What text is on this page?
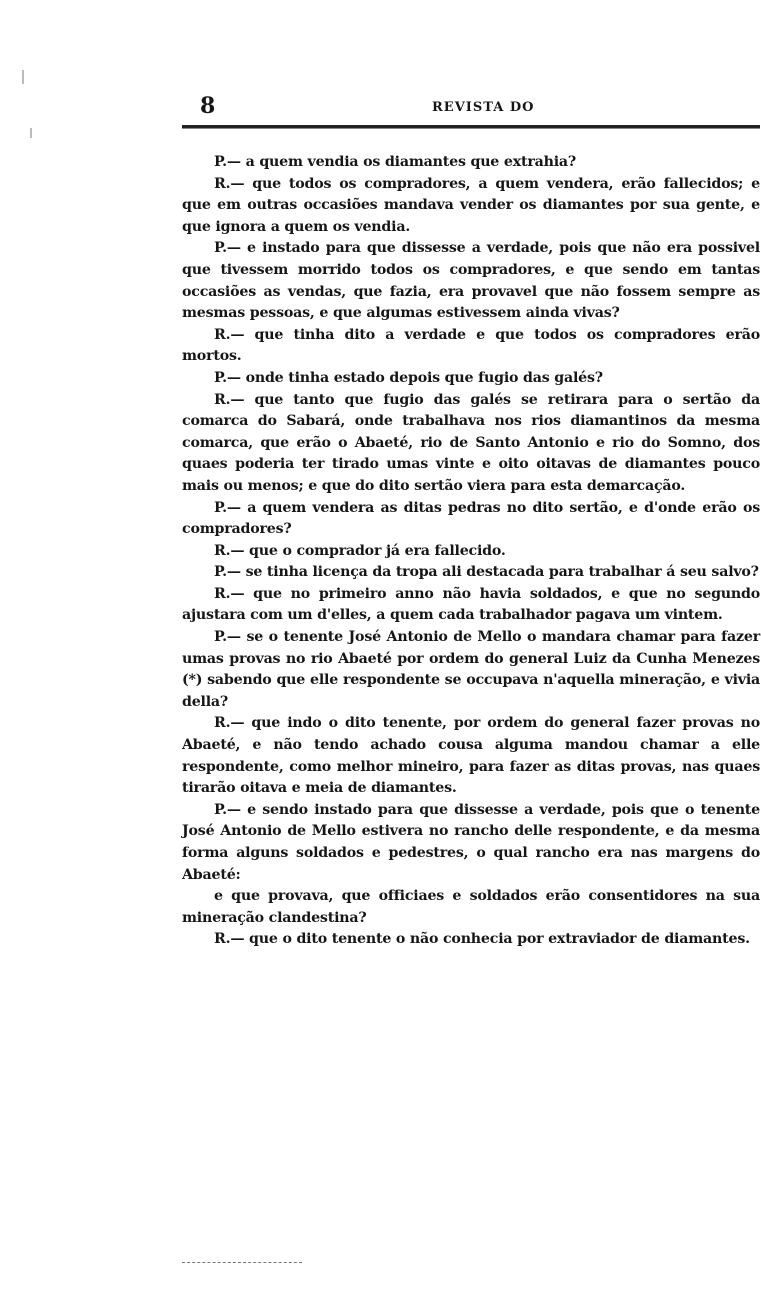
8	REVISTA DO

P.— a quem vendia os diamantes que extrahia?

R.— que todos os compradores, a quem vendera, erão fallecidos; e que em outras occasiões mandava vender os diamantes por sua gente, e que ignora a quem os vendia.

P.— e instado para que dissesse a verdade, pois que não era possivel que tivessem morrido todos os compradores, e que sendo em tantas occasiões as vendas, que fazia, era provavel que não fossem sempre as mesmas pessoas, e que algumas estivessem ainda vivas?

R.— que tinha dito a verdade e que todos os compradores erão mortos.

P.— onde tinha estado depois que fugio das galés?

R.— que tanto que fugio das galés se retirara para o sertão da comarca do Sabará, onde trabalhava nos rios diamantinos da mesma comarca, que erão o Abaeté, rio de Santo Antonio e rio do Somno, dos quaes poderia ter tirado umas vinte e oito oitavas de diamantes pouco mais ou menos; e que do dito sertão viera para esta demarcação.

P.— a quem vendera as ditas pedras no dito sertão, e d'onde erão os compradores?

R.— que o comprador já era fallecido.

P.— se tinha licença da tropa ali destacada para trabalhar á seu salvo?

R.— que no primeiro anno não havia soldados, e que no segundo ajustara com um d'elles, a quem cada trabalhador pagava um vintem.

P.— se o tenente José Antonio de Mello o mandara chamar para fazer umas provas no rio Abaeté por ordem do general Luiz da Cunha Menezes (*) sabendo que elle respondente se occupava n'aquella mineração, e vivia della?

R.— que indo o dito tenente, por ordem do general fazer provas no Abaeté, e não tendo achado cousa alguma mandou chamar a elle respondente, como melhor mineiro, para fazer as ditas provas, nas quaes tirarão oitava e meia de diamantes.

P.— e sendo instado para que dissesse a verdade, pois que o tenente José Antonio de Mello estivera no rancho delle respondente, e da mesma forma alguns soldados e pedestres, o qual rancho era nas margens do Abaeté:

e que provava, que officiaes e soldados erão consentidores na sua mineração clandestina?

R.— que o dito tenente o não conhecia por extraviador de diamantes.
